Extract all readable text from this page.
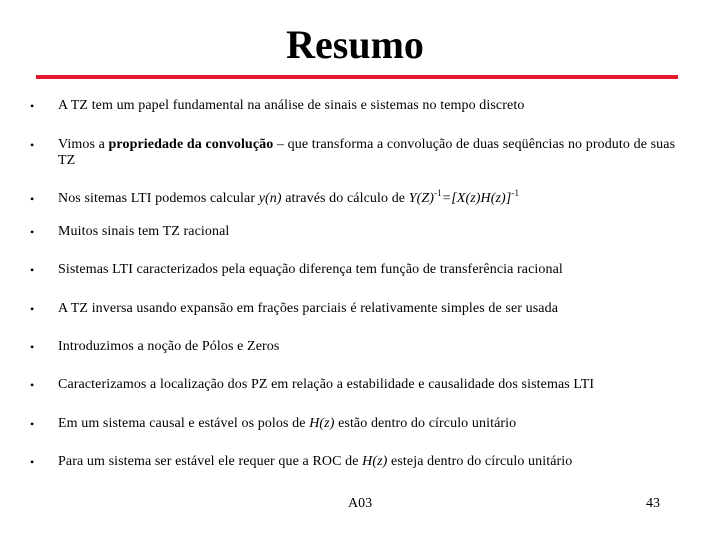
Resumo
• A TZ tem um papel fundamental na análise de sinais e sistemas no tempo discreto
• Vimos a propriedade da convolução – que transforma a convolução de duas seqüências no produto de suas TZ
• Nos sitemas LTI podemos calcular y(n) através do cálculo de $Y(Z)^{-1}=[X(z)H(z)]^{-1}$
• Muitos sinais tem TZ racional
• Sistemas LTI caracterizados pela equação diferença tem função de transferência racional
• A TZ inversa usando expansão em frações parciais é relativamente simples de ser usada
• Introduzimos a noção de Pólos e Zeros
• Caracterizamos a localização dos PZ em relação a estabilidade e causalidade dos sistemas LTI
• Em um sistema causal e estável os polos de H(z) estão dentro do círculo unitário
• Para um sistema ser estável ele requer que a ROC de H(z) esteja dentro do círculo unitário
A03	43
